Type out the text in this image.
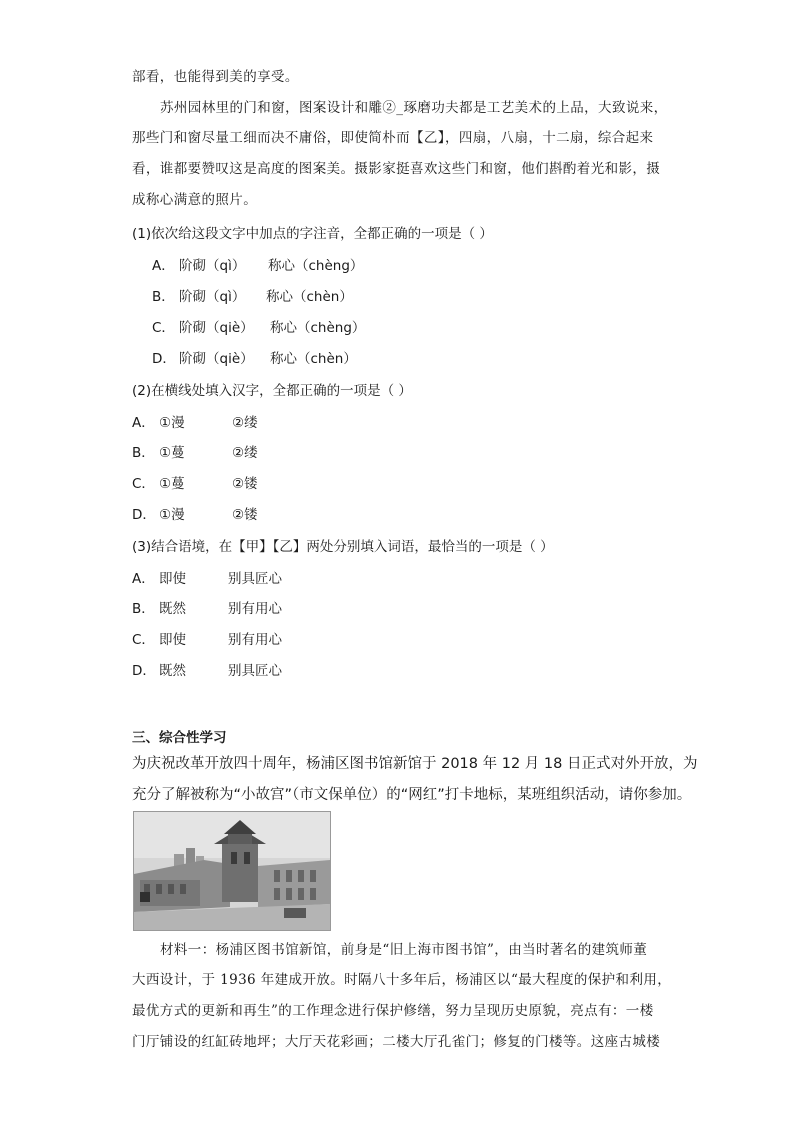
部看，也能得到美的享受。
苏州园林里的门和窗，图案设计和雕②_琢磨功夫都是工艺美术的上品，大致说来，
那些门和窗尽量工细而决不庸俗，即使简朴而【乙】，四扇，八扇，十二扇，综合起来
看，谁都要赞叹这是高度的图案美。摄影家挺喜欢这些门和窗，他们斟酌着光和影，摄
成称心满意的照片。
(1)依次给这段文字中加点的字注音，全都正确的一项是（ ）
A． 阶砌（qì） 称心（chèng）
B． 阶砌（qì） 称心（chèn）
C． 阶砌（qiè） 称心（chèng）
D． 阶砌（qiè） 称心（chèn）
(2)在横线处填入汉字，全都正确的一项是（ ）
A． ①漫	②缕
B． ①蔓	②缕
C． ①蔓	②镂
D． ①漫	②镂
(3)结合语境，在【甲】【乙】两处分别填入词语，最恰当的一项是（ ）
A． 即使	别具匠心
B． 既然	别有用心
C． 即使	别有用心
D． 既然	别具匠心
三、综合性学习
为庆祝改革开放四十周年，杨浦区图书馆新馆于 2018 年 12 月 18 日正式对外开放，为
充分了解被称为“小故宫”（市文保单位）的“网红”打卡地标，某班组织活动，请你参加。
材料一：杨浦区图书馆新馆，前身是“旧上海市图书馆”，由当时著名的建筑师董
大西设计，于 1936 年建成开放。时隔八十多年后，杨浦区以“最大程度的保护和利用，
最优方式的更新和再生”的工作理念进行保护修缮，努力呈现历史原貌，亮点有：一楼
门厅铺设的红缸砖地坪；大厅天花彩画；二楼大厅孔雀门；修复的门楼等。这座古城楼
